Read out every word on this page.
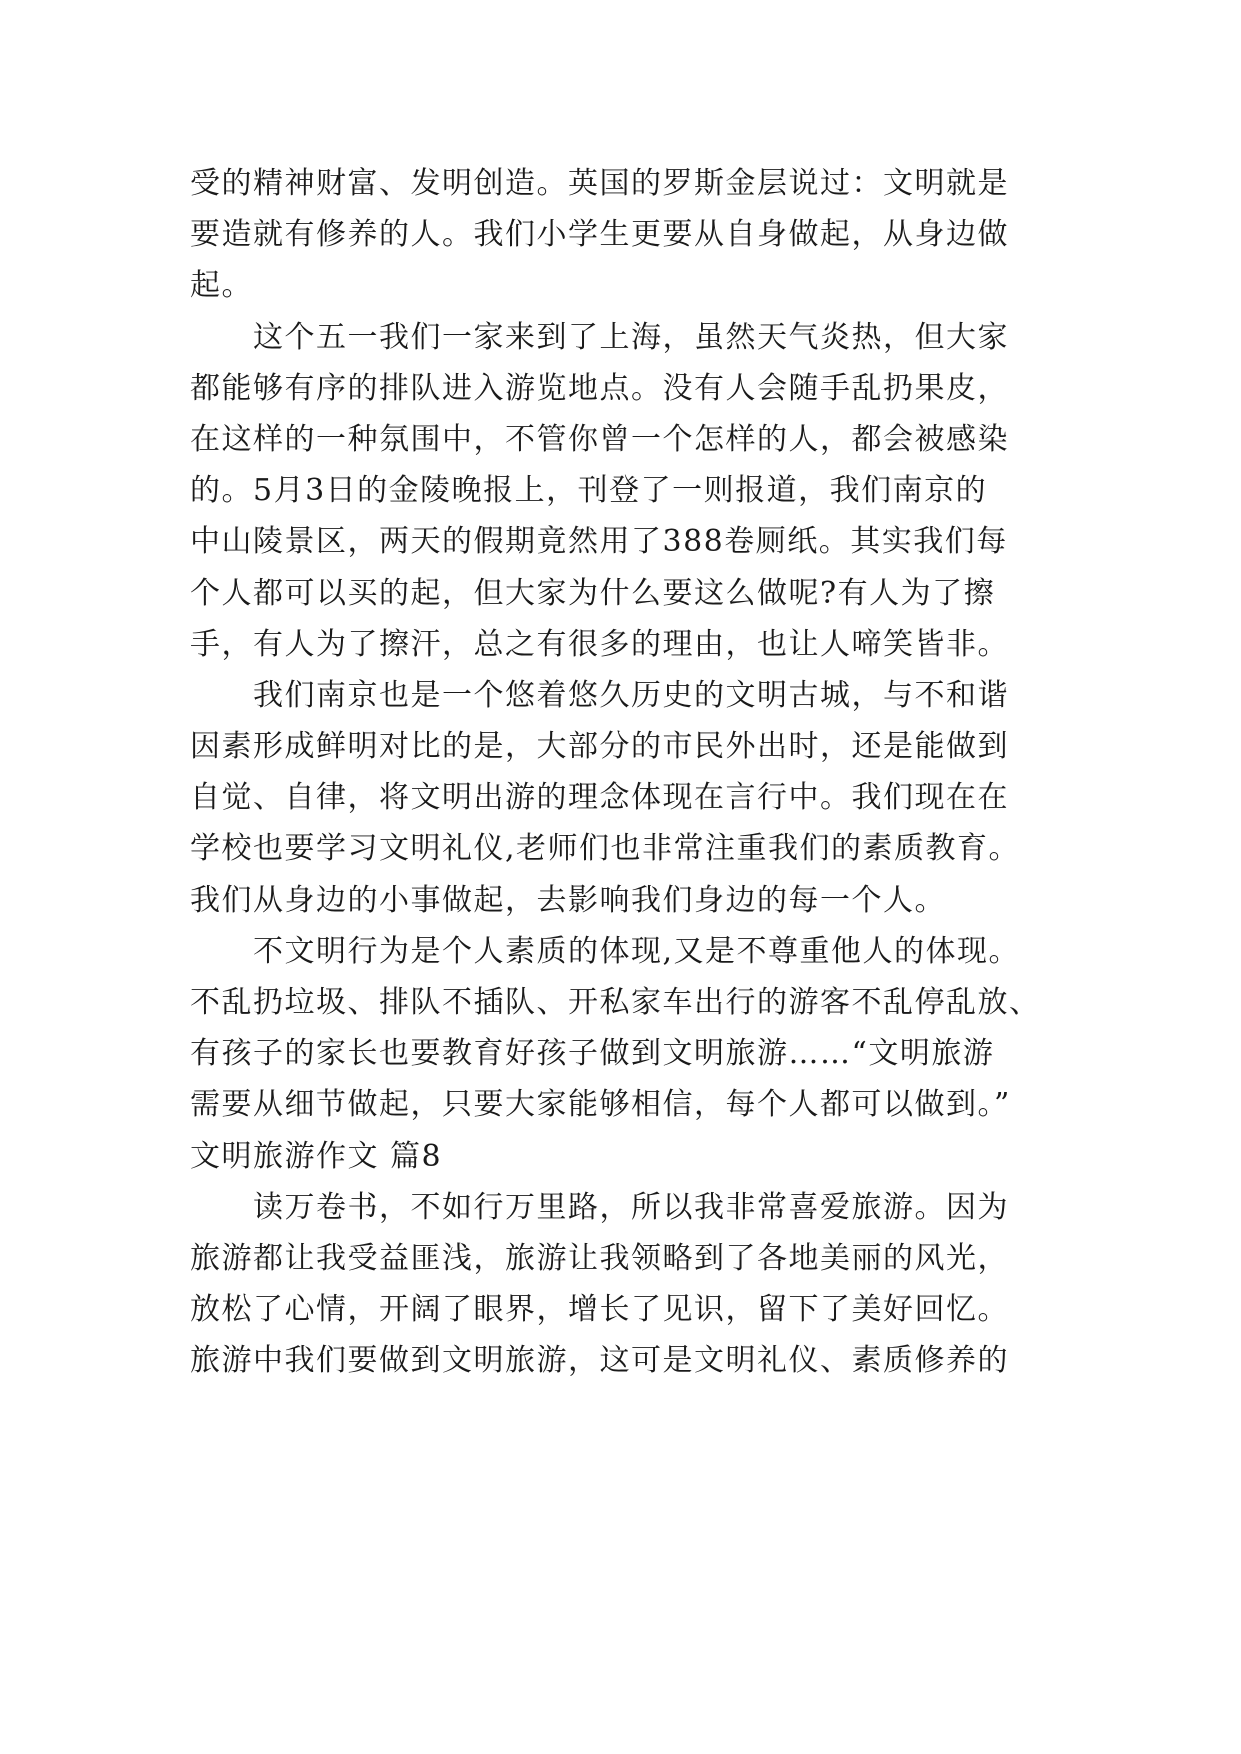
受的精神财富、发明创造。英国的罗斯金层说过：文明就是
要造就有修养的人。我们小学生更要从自身做起，从身边做
起。
这个五一我们一家来到了上海，虽然天气炎热，但大家
都能够有序的排队进入游览地点。没有人会随手乱扔果皮，
在这样的一种氛围中，不管你曾一个怎样的人，都会被感染
的。5月3日的金陵晚报上，刊登了一则报道，我们南京的
中山陵景区，两天的假期竟然用了388卷厕纸。其实我们每
个人都可以买的起，但大家为什么要这么做呢?有人为了擦
手，有人为了擦汗，总之有很多的理由，也让人啼笑皆非。
我们南京也是一个悠着悠久历史的文明古城，与不和谐
因素形成鲜明对比的是，大部分的市民外出时，还是能做到
自觉、自律，将文明出游的理念体现在言行中。我们现在在
学校也要学习文明礼仪,老师们也非常注重我们的素质教育。
我们从身边的小事做起，去影响我们身边的每一个人。
不文明行为是个人素质的体现,又是不尊重他人的体现。
不乱扔垃圾、排队不插队、开私家车出行的游客不乱停乱放、
有孩子的家长也要教育好孩子做到文明旅游……“文明旅游
需要从细节做起，只要大家能够相信，每个人都可以做到。”
文明旅游作文 篇8
读万卷书，不如行万里路，所以我非常喜爱旅游。因为
旅游都让我受益匪浅，旅游让我领略到了各地美丽的风光，
放松了心情，开阔了眼界，增长了见识，留下了美好回忆。
旅游中我们要做到文明旅游，这可是文明礼仪、素质修养的
